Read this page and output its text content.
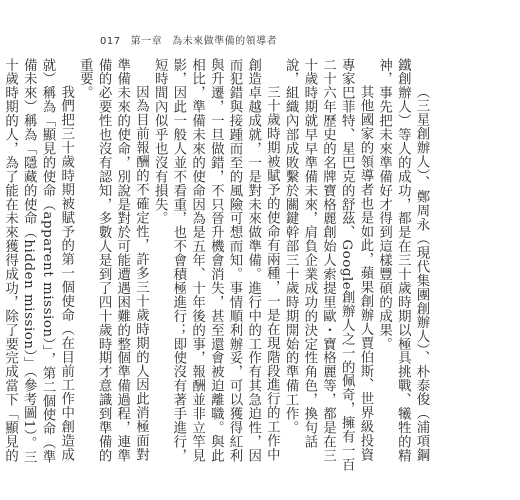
017 第一章 為未來做準備的領導者

（三星創辦人）、鄭周永（現代集團創辦人）、朴泰俊（浦項鋼鐵創辦人）等人的成功，都是在三十歲時期以極具挑戰、犧牲的精神，事先把未來準備好才得到這樣豐碩的成果。

其他國家的領導者也是如此，蘋果創辦人賈伯斯、世界級投資專家巴菲特、星巴克的舒茲、Google創辦人之一的佩奇，擁有一百二十六年歷史的名牌寶格麗創始人索提里歐・寶格麗等，都是在三十歲時期就早早準備未來，肩負企業成功的決定性角色，換句話說，組織內部成敗繫於關鍵幹部三十歲時期開始的準備工作。

三十歲時期被賦予的使命有兩種，一是在現階段進行的工作中創造卓越成就，一是對未來做準備。進行中的工作有其急迫性，因而犯錯與接踵而至的風險可想而知。事情順利辦妥，可以獲得紅利與升遷，一旦做錯，不只晉升機會消失，甚至還會被迫離職。與此相比，準備未來的使命因為是五年、十年後的事，報酬並非立竿見影，因此一般人並不看重，也不會積極進行；即使沒有著手進行，短時間內似乎也沒有損失。

因為目前報酬的不確定性，許多三十歲時期的人因此消極面對準備未來的使命，別說是對於可能遭遇困難的整個準備過程，連準備的必要性也沒有認知，多數人是到了四十歲時期才意識到準備的重要。

我們把三十歲時期被賦予的第一個使命（在目前工作中創造成就）稱為「顯見的使命（apparent mission）」，第二個使命（準備未來）稱為「隱藏的使命（hidden mission）」（參考圖1）。三十歲時期的人，為了能在未來獲得成功，除了要完成當下「顯見的
